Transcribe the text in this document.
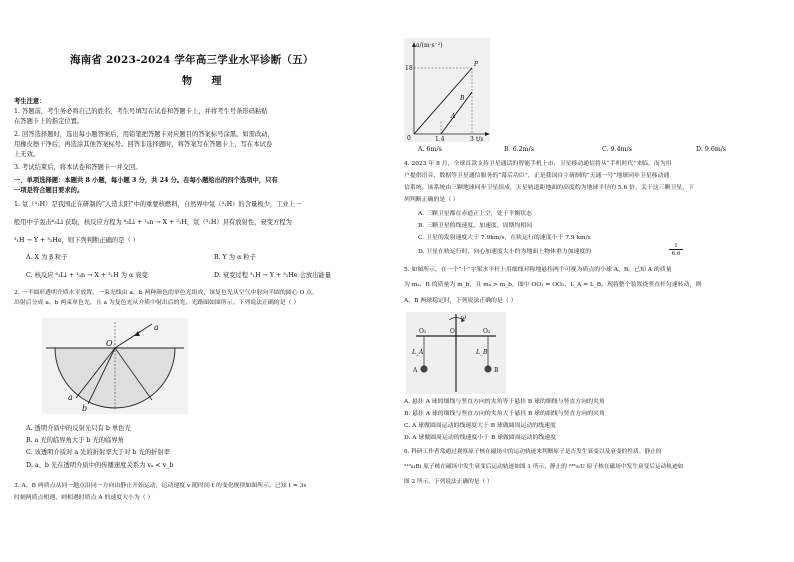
海南省 2023-2024 学年高三学业水平诊断（五）
物 理
考生注意：
1. 答题前，考生务必将自己的姓名、考生号填写在试卷和答题卡上，并将考生号条形码粘贴
在答题卡上的指定位置。
2. 回答选择题时，选出每小题答案后，用铅笔把答题卡对应题目的答案标号涂黑。如需改动，
用橡皮擦干净后，再选涂其他答案标号。回答非选择题时，将答案写在答题卡上，写在本试卷
上无效。
3. 考试结束后，将本试卷和答题卡一并交回。
一、单项选择题：本题共 8 小题，每小题 3 分，共 24 分。在每小题给出的四个选项中，只有
一项是符合题目要求的。
1. 氚（³₁H）是我国正在研制的“人造太阳”中的重要核燃料，自然界中氚（³₁H）的含量极少，工业上一
般用中子轰击⁶₃Li 获取，核反应方程为 ⁶₃Li + ¹₀n → X + ³₁H，氚（³₁H）具有放射性，衰变方程为
³₁H → Y + ³₂He，则下列判断正确的是（ ）
A. X 为 β 粒子	B. Y 为 α 粒子
C. 核反应 ⁶₃Li + ¹₀n → X + ³₁H 为 α 衰变	D. 衰变过程 ³₁H → Y + ³₂He 会放出能量
2. 一半圆形透明介质水平放置，一束光线由 a、b 两种颜色的单色光组成，该复色光从空气中射向半圆的圆心 O 点，
出射后分成 a、b 两束单色光，且 a 为复色光从介质中射出后的光，光路图如图所示。下列说法正确的是（ ）
a
O
a
b
A. 透明介质中的反射光只有 b 单色光
B. a 光的临界角大于 b 光的临界角
C. 该透明介质对 a 光的折射率大于对 b 光的折射率
D. a、b 光在透明介质中的传播速度关系为 vₐ < v_b
3. A、B 两质点从同一地点沿同一方向由静止开始运动，运动速度 v 随时间 t 的变化规律如图所示。已知 t = 3s
时刻两质点相遇，则相遇时质点 A 的速度大小为（ ）
a/(m·s⁻²)
t/s
0
18
1.4	3
P
B
A
A. 6m/s	B. 6.2m/s	C. 9.4m/s	D. 9.6m/s
4. 2023 年 8 月，全球首款支持卫星通话的智能手机上市，卫星移动通信将从“手机时代”来临，而为用
户提供语音、数据等卫星通信服务的“幕后功臣”，正是我国自主研制的“天通一号”地球同步卫星移动通
信系统。该系统由三颗地球同步卫星组成，天星轨道距地面的高度约为地球半径的 5.6 倍，关于这三颗卫星，下
列判断正确的是（ ）
A. 三颗卫星都在赤道正上空，处于平衡状态
B. 三颗卫星的线速度、加速度、周期均相同
C. 卫星的发射速度大于 7.9km/s，在轨运行的速度小于 7.9 km/s
D. 卫星在轨运行时，向心加速度大小约为地面上物体重力加速度的
1
6.6
5. 如图所示，在一个“十”字架水平杆上用细线对称地悬挂两个可视为质点的小球 A、B。已知 A 的质量
为 mₐ，B 的质量为 m_b，且 mₐ > m_b，图中 OO₁ = OO₂，L_A = L_B。现将整个装置绕竖直杆匀速转动，则
A、B 两球稳定时，下列说法正确的是（ ）
ω
O₁	O	O₂
L_A	L_B
A	B
A. 悬挂 A 球的细线与竖直方向的夹角等于悬挂 B 球的细线与竖直方向的夹角
B. 悬挂 A 球的细线与竖直方向的夹角大于悬挂 B 球的细线与竖直方向的夹角
C. A 球做圆周运动的线速度大于 B 球做圆周运动的线速度
D. A 球做圆周运动的线速度小于 B 球做圆周运动的线速度
6. 科研工作者常通过观察原子核在磁场中的运动轨迹来判断原子是否发生衰变以及衰变的性质。静止的
²¹⁰₈₃Bi 原子核在磁场中发生衰变后运动轨迹如图 1 所示，静止的 ²³⁸₉₂U 原子核在磁场中发生衰变后运动轨迹如
图 2 所示，下列说法正确的是（ ）
